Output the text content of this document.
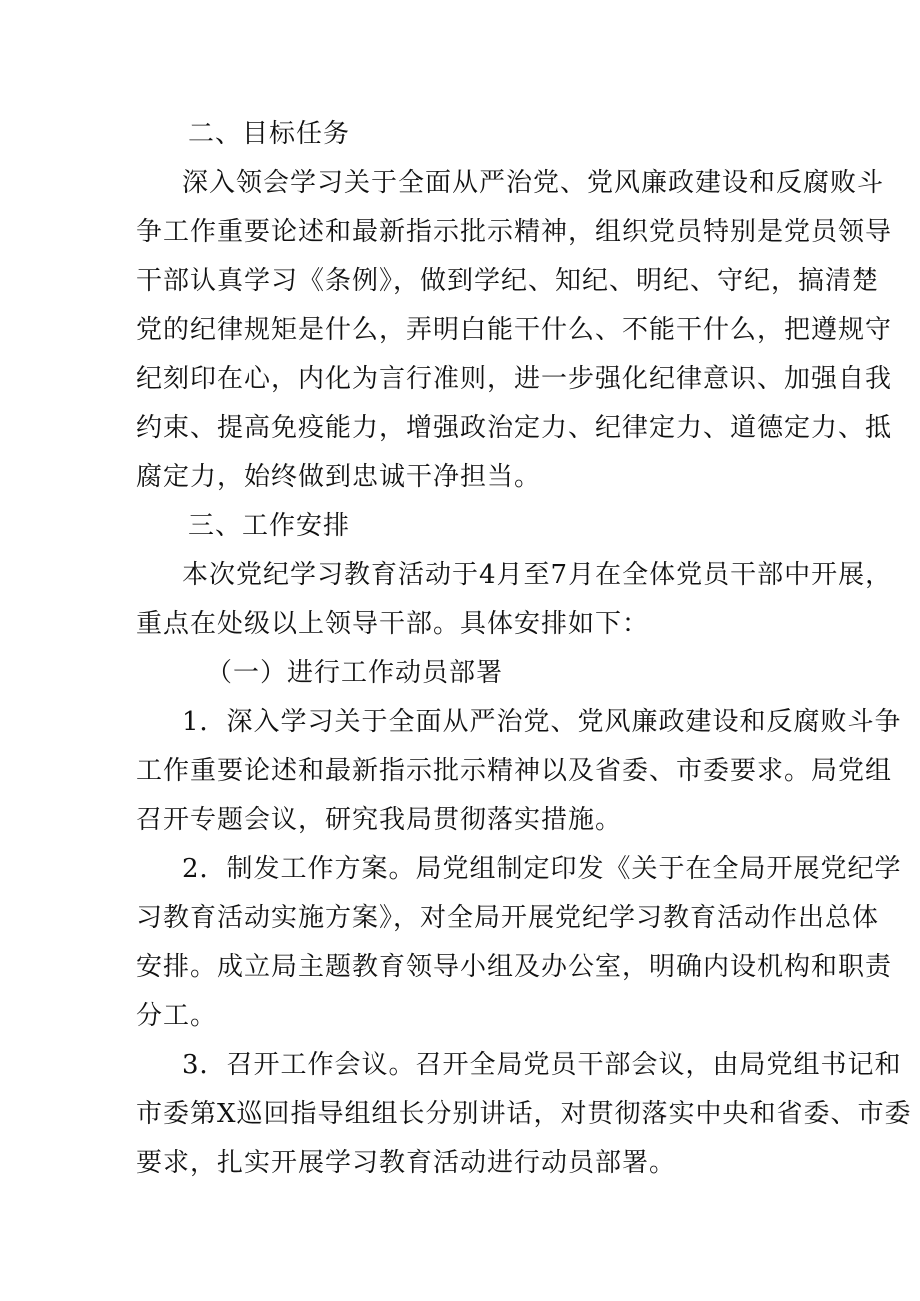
二、目标任务
深入领会学习关于全面从严治党、党风廉政建设和反腐败斗
争工作重要论述和最新指示批示精神，组织党员特别是党员领导
干部认真学习《条例》，做到学纪、知纪、明纪、守纪，搞清楚
党的纪律规矩是什么，弄明白能干什么、不能干什么，把遵规守
纪刻印在心，内化为言行准则，进一步强化纪律意识、加强自我
约束、提高免疫能力，增强政治定力、纪律定力、道德定力、抵
腐定力，始终做到忠诚干净担当。
三、工作安排
本次党纪学习教育活动于4月至7月在全体党员干部中开展，
重点在处级以上领导干部。具体安排如下：
（一）进行工作动员部署
1．深入学习关于全面从严治党、党风廉政建设和反腐败斗争
工作重要论述和最新指示批示精神以及省委、市委要求。局党组
召开专题会议，研究我局贯彻落实措施。
2．制发工作方案。局党组制定印发《关于在全局开展党纪学
习教育活动实施方案》，对全局开展党纪学习教育活动作出总体
安排。成立局主题教育领导小组及办公室，明确内设机构和职责
分工。
3．召开工作会议。召开全局党员干部会议，由局党组书记和
市委第X巡回指导组组长分别讲话，对贯彻落实中央和省委、市委
要求，扎实开展学习教育活动进行动员部署。
